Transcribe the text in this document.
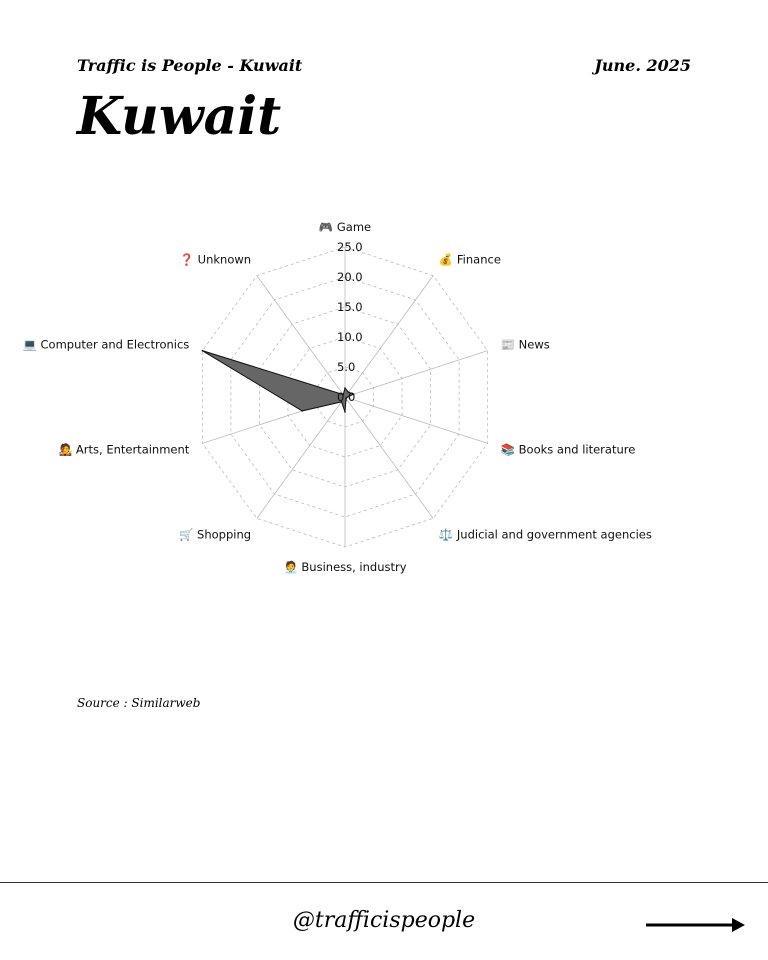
Traffic is People - Kuwait	June. 2025
Kuwait
0.0
5.0
10.0
15.0
20.0
25.0
🎮 Game
💰 Finance
📰 News
📚 Books and literature
⚖️ Judicial and government agencies
🧑‍💼 Business, industry
🛒 Shopping
🧑‍🎤 Arts, Entertainment
💻 Computer and Electronics
❓ Unknown
Source : Similarweb
@trafficispeople
